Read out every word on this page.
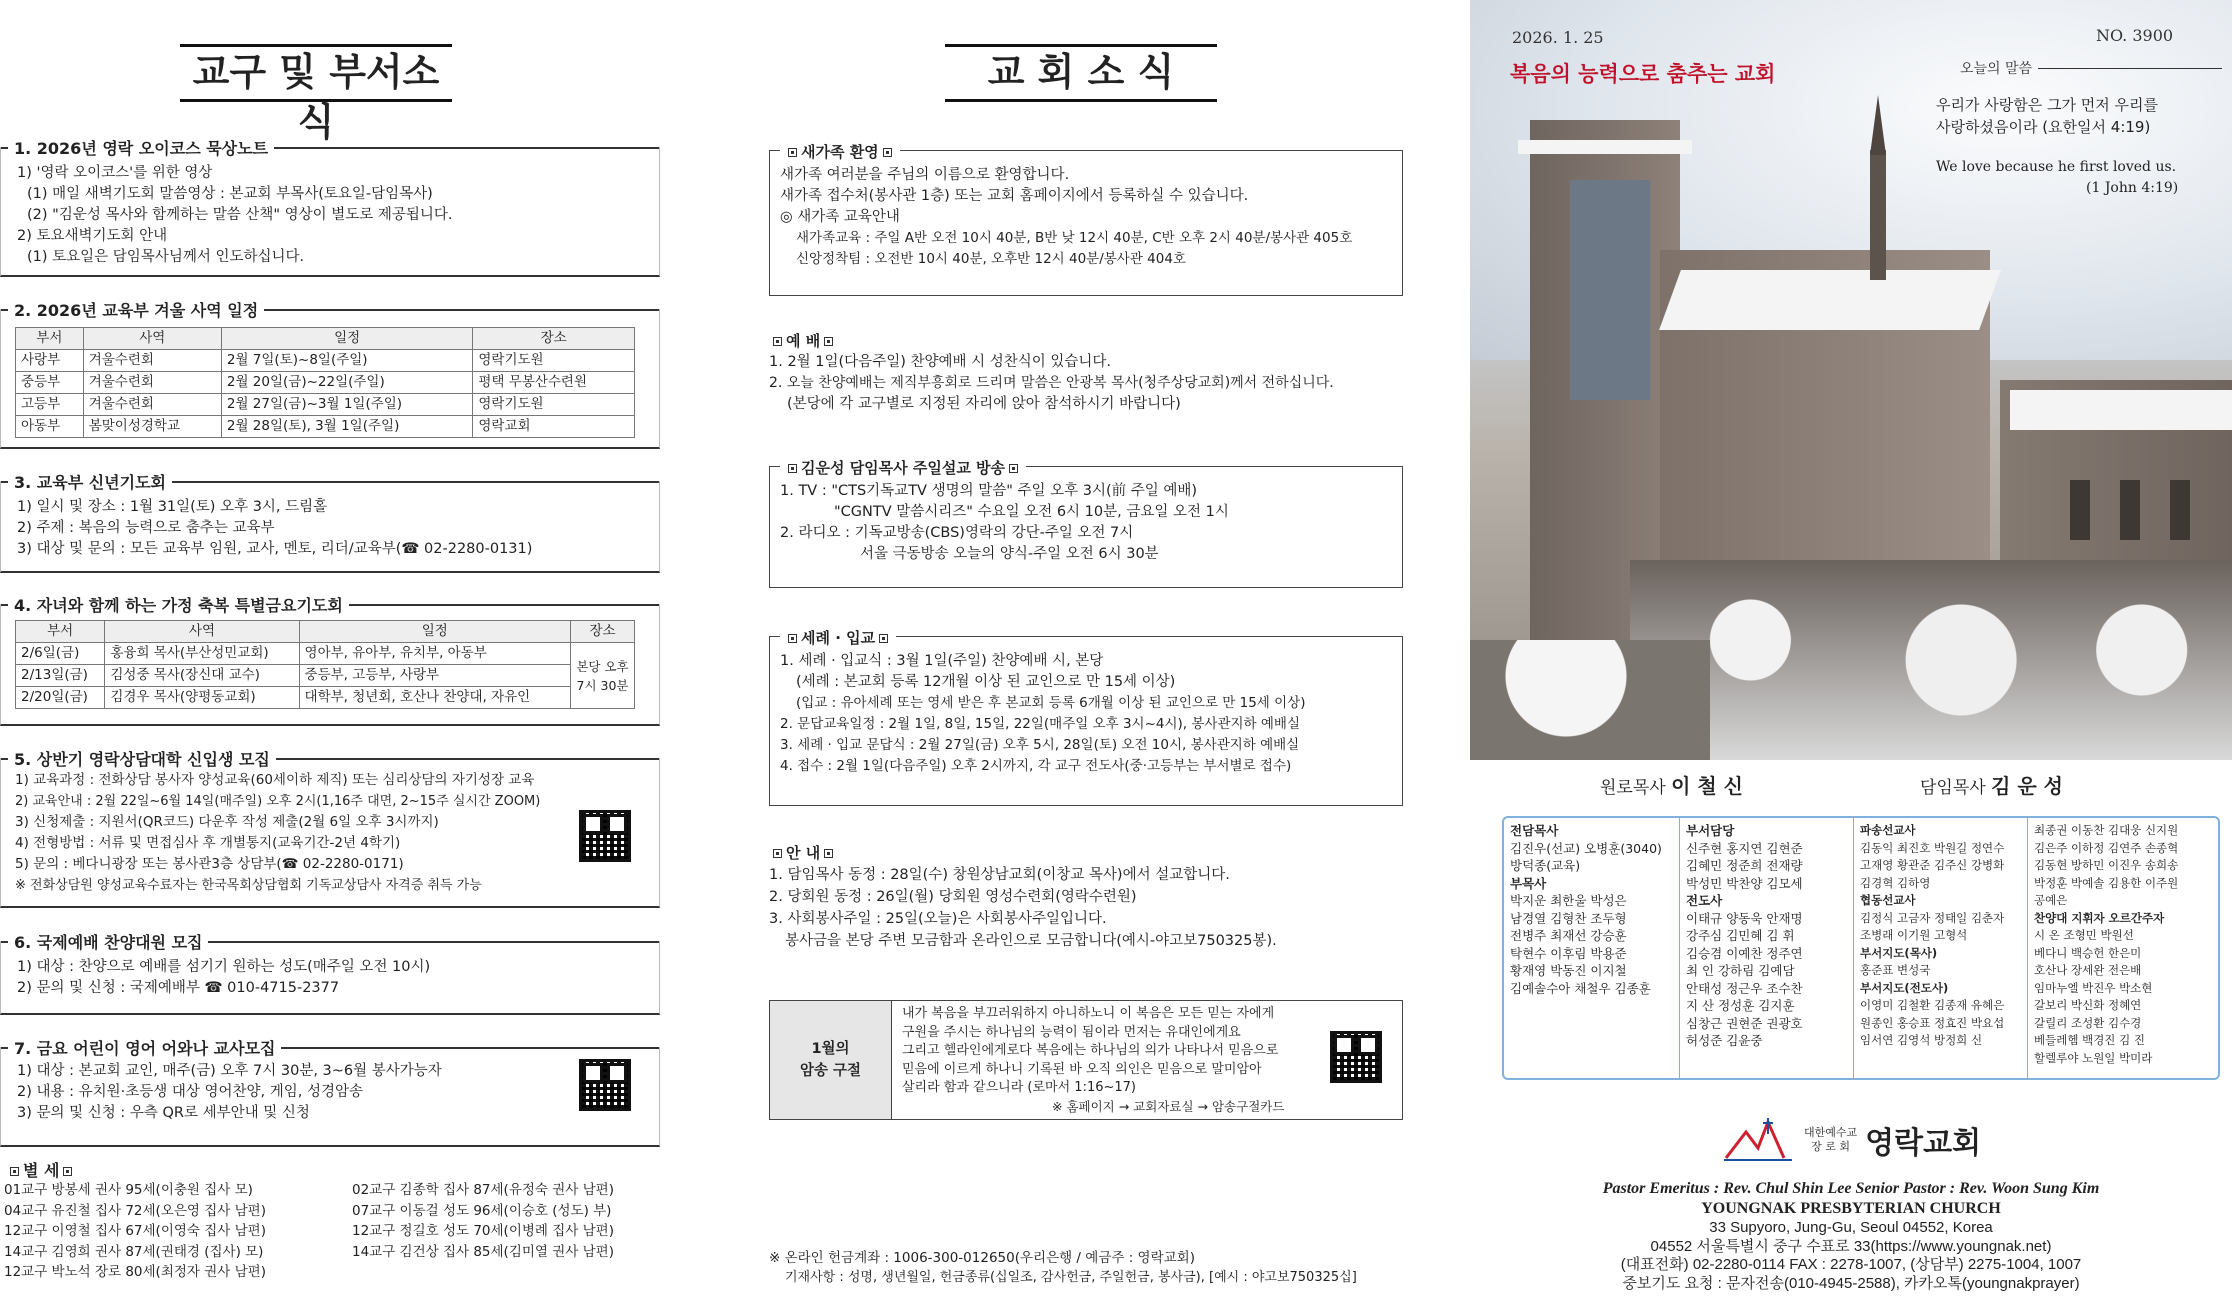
교구 및 부서소식
1. 2026년 영락 오이코스 묵상노트
1) '영락 오이코스'를 위한 영상
(1) 매일 새벽기도회 말씀영상 : 본교회 부목사(토요일-담임목사)
(2) "김운성 목사와 함께하는 말씀 산책" 영상이 별도로 제공됩니다.
2) 토요새벽기도회 안내
(1) 토요일은 담임목사님께서 인도하십니다.
2. 2026년 교육부 겨울 사역 일정
부서	사역	일정	장소
사랑부	겨울수련회	2월 7일(토)~8일(주일)	영락기도원
중등부	겨울수련회	2월 20일(금)~22일(주일)	평택 무봉산수련원
고등부	겨울수련회	2월 27일(금)~3월 1일(주일)	영락기도원
아동부	봄맞이성경학교	2월 28일(토), 3월 1일(주일)	영락교회
3. 교육부 신년기도회
1) 일시 및 장소 : 1월 31일(토) 오후 3시, 드림홀
2) 주제 : 복음의 능력으로 춤추는 교육부
3) 대상 및 문의 : 모든 교육부 임원, 교사, 멘토, 리더/교육부(☎ 02-2280-0131)
4. 자녀와 함께 하는 가정 축복 특별금요기도회
부서	사역	일정	장소
2/6일(금)	홍융희 목사(부산성민교회)	영아부, 유아부, 유치부, 아동부	본당 오후 7시 30분
2/13일(금)	김성중 목사(장신대 교수)	중등부, 고등부, 사랑부	
2/20일(금)	김경우 목사(양평동교회)	대학부, 청년회, 호산나 찬양대, 자유인	
5. 상반기 영락상담대학 신입생 모집
1) 교육과정 : 전화상담 봉사자 양성교육(60세이하 제직) 또는 심리상담의 자기성장 교육
2) 교육안내 : 2월 22일~6월 14일(매주일) 오후 2시(1,16주 대면, 2~15주 실시간 ZOOM)
3) 신청제출 : 지원서(QR코드) 다운후 작성 제출(2월 6일 오후 3시까지)
4) 전형방법 : 서류 및 면접심사 후 개별통지(교육기간-2년 4학기)
5) 문의 : 베다니광장 또는 봉사관3층 상담부(☎ 02-2280-0171)
※ 전화상담원 양성교육수료자는 한국목회상담협회 기독교상담사 자격증 취득 가능
6. 국제예배 찬양대원 모집
1) 대상 : 찬양으로 예배를 섬기기 원하는 성도(매주일 오전 10시)
2) 문의 및 신청 : 국제예배부 ☎ 010-4715-2377
7. 금요 어린이 영어 어와나 교사모집
1) 대상 : 본교회 교인, 매주(금) 오후 7시 30분, 3~6월 봉사가능자
2) 내용 : 유치원·초등생 대상 영어찬양, 게임, 성경암송
3) 문의 및 신청 : 우측 QR로 세부안내 및 신청
별 세
01교구 방봉세 권사 95세(이충원 집사 모)
04교구 유진철 집사 72세(오은영 집사 남편)
12교구 이영철 집사 67세(이영숙 집사 남편)
14교구 김영희 권사 87세(권태경 (집사) 모)
12교구 박노석 장로 80세(최정자 권사 남편)
02교구 김종학 집사 87세(유정숙 권사 남편)
07교구 이동걸 성도 96세(이승호 (성도) 부)
12교구 정길호 성도 70세(이병례 집사 남편)
14교구 김건상 집사 85세(김미열 권사 남편)
교 회 소 식
새가족 환영
새가족 여러분을 주님의 이름으로 환영합니다.
새가족 접수처(봉사관 1층) 또는 교회 홈페이지에서 등록하실 수 있습니다.
◎ 새가족 교육안내
새가족교육 : 주일 A반 오전 10시 40분, B반 낮 12시 40분, C반 오후 2시 40분/봉사관 405호
신앙정착팀 : 오전반 10시 40분, 오후반 12시 40분/봉사관 404호
예 배
1. 2월 1일(다음주일) 찬양예배 시 성찬식이 있습니다.
2. 오늘 찬양예배는 제직부흥회로 드리며 말씀은 안광복 목사(청주상당교회)께서 전하십니다.
(본당에 각 교구별로 지정된 자리에 앉아 참석하시기 바랍니다)
김운성 담임목사 주일설교 방송
1. TV : "CTS기독교TV 생명의 말씀" 주일 오후 3시(前 주일 예배)
"CGNTV 말씀시리즈" 수요일 오전 6시 10분, 금요일 오전 1시
2. 라디오 : 기독교방송(CBS)영락의 강단-주일 오전 7시
서울 극동방송 오늘의 양식-주일 오전 6시 30분
세례 · 입교
1. 세례 · 입교식 : 3월 1일(주일) 찬양예배 시, 본당
(세례 : 본교회 등록 12개월 이상 된 교인으로 만 15세 이상)
(입교 : 유아세례 또는 영세 받은 후 본교회 등록 6개월 이상 된 교인으로 만 15세 이상)
2. 문답교육일정 : 2월 1일, 8일, 15일, 22일(매주일 오후 3시~4시), 봉사관지하 예배실
3. 세례 · 입교 문답식 : 2월 27일(금) 오후 5시, 28일(토) 오전 10시, 봉사관지하 예배실
4. 접수 : 2월 1일(다음주일) 오후 2시까지, 각 교구 전도사(중·고등부는 부서별로 접수)
안 내
1. 담임목사 동정 : 28일(수) 창원상남교회(이창교 목사)에서 설교합니다.
2. 당회원 동정 : 26일(월) 당회원 영성수련회(영락수련원)
3. 사회봉사주일 : 25일(오늘)은 사회봉사주일입니다.
봉사금을 본당 주변 모금함과 온라인으로 모금합니다(예시-야고보750325봉).
1월의
암송 구절
내가 복음을 부끄러워하지 아니하노니 이 복음은 모든 믿는 자에게
구원을 주시는 하나님의 능력이 됨이라 먼저는 유대인에게요
그리고 헬라인에게로다 복음에는 하나님의 의가 나타나서 믿음으로
믿음에 이르게 하나니 기록된 바 오직 의인은 믿음으로 말미암아
살리라 함과 같으니라 (로마서 1:16~17)
※ 홈페이지 → 교회자료실 → 암송구절카드
※ 온라인 헌금계좌 : 1006-300-012650(우리은행 / 예금주 : 영락교회)
기재사항 : 성명, 생년월일, 헌금종류(십일조, 감사헌금, 주일헌금, 봉사금), [예시 : 야고보750325십]
2026. 1. 25	NO. 3900
복음의 능력으로 춤추는 교회	오늘의 말씀
우리가 사랑함은 그가 먼저 우리를
사랑하셨음이라 (요한일서 4:19)
We love because he first loved us.
(1 John 4:19)
원로목사 이 철 신	담임목사 김 운 성
전담목사
김진우(선교) 오병훈(3040)
방덕종(교육)
부목사
박지운 최한울 박성은
남경열 김형찬 조두형
전병주 최재선 강승훈
탁현수 이후림 박용준
황재영 박동진 이지철
김예솔수아 채철우 김종훈
부서담당
신주현 홍지연 김현준
김혜민 정준희 전재량
박성민 박찬양 김모세
전도사
이태규 양동욱 안재명
강주심 김민혜 김 휘
김승겸 이예찬 정주연
최 인 강하림 김예담
안태성 정근우 조수찬
지 산 정성훈 김지훈
심창근 권현준 권광호
허성준 김윤중
파송선교사
김동익 최진호 박원길 정연수
고재영 황관준 김주신 강병화
김경혁 김하영
협동선교사
김정식 고금자 정태일 김춘자
조병래 이기원 고형석
부서지도(목사)
홍준표 변성국
부서지도(전도사)
이영미 김철환 김종재 유혜은
원종인 홍승표 정효진 박요섭
임서연 김영석 방정희 신
최종권 이동찬 김대웅 신지원
김은주 이하정 김연주 손종혁
김동현 방하민 이진우 송희송
박정훈 박예솔 김용한 이주원
공예은
찬양대 지휘자 오르간주자
시 온 조형민 박원선
베다니 백승헌 한은미
호산나 장세완 전은배
임마누엘 박진우 박소현
갈보리 박신화 정혜연
갈릴리 조성환 김수경
베들레헴 백경진 김 진
할렐루야 노원일 박미라
대한예수교
장 로 회 영락교회
Pastor Emeritus : Rev. Chul Shin Lee Senior Pastor : Rev. Woon Sung Kim
YOUNGNAK PRESBYTERIAN CHURCH
33 Supyoro, Jung-Gu, Seoul 04552, Korea
04552 서울특별시 중구 수표로 33(https://www.youngnak.net)
(대표전화) 02-2280-0114 FAX : 2278-1007, (상담부) 2275-1004, 1007
중보기도 요청 : 문자전송(010-4945-2588), 카카오톡(youngnakprayer)
